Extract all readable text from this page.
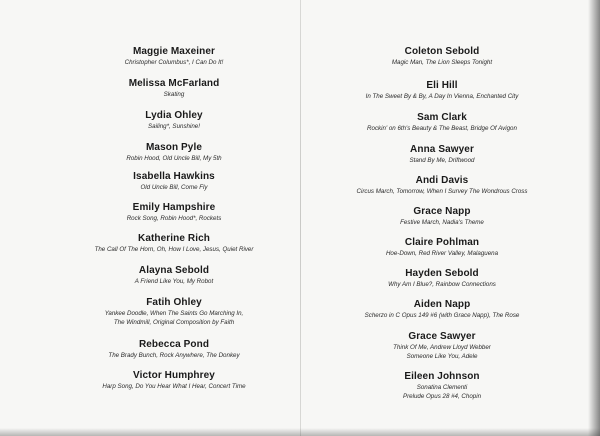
Maggie Maxeiner

Christopher Columbus*, I Can Do It!

Melissa McFarland

Skating

Lydia Ohley

Sailing*, Sunshine!

Mason Pyle

Robin Hood, Old Uncle Bill, My 5th

Isabella Hawkins

Old Uncle Bill, Come Fly

Emily Hampshire

Rock Song, Robin Hood*, Rockets

Katherine Rich

The Call Of The Horn, Oh, How I Love, Jesus, Quiet River

Alayna Sebold

A Friend Like You, My Robot

Fatih Ohley

Yankee Doodle, When The Saints Go Marching In,

The Windmill, Original Composition by Faith

Rebecca Pond

The Brady Bunch, Rock Anywhere, The Donkey

Victor Humphrey

Harp Song, Do You Hear What I Hear, Concert Time

Coleton Sebold

Magic Man, The Lion Sleeps Tonight

Eli Hill

In The Sweet By & By, A Day In Vienna, Enchanted City

Sam Clark

Rockin' on 6th's Beauty & The Beast, Bridge Of Avigon

Anna Sawyer

Stand By Me, Driftwood

Andi Davis

Circus March, Tomorrow, When I Survey The Wondrous Cross

Grace Napp

Festive March, Nadia's Theme

Claire Pohlman

Hoe-Down, Red River Valley, Malaguena

Hayden Sebold

Why Am I Blue?, Rainbow Connections

Aiden Napp

Scherzo in C Opus 149 #6 (with Grace Napp), The Rose

Grace Sawyer

Think Of Me, Andrew Lloyd Webber

Someone Like You, Adele

Eileen Johnson

Sonatina Clementi

Prelude Opus 28 #4, Chopin
